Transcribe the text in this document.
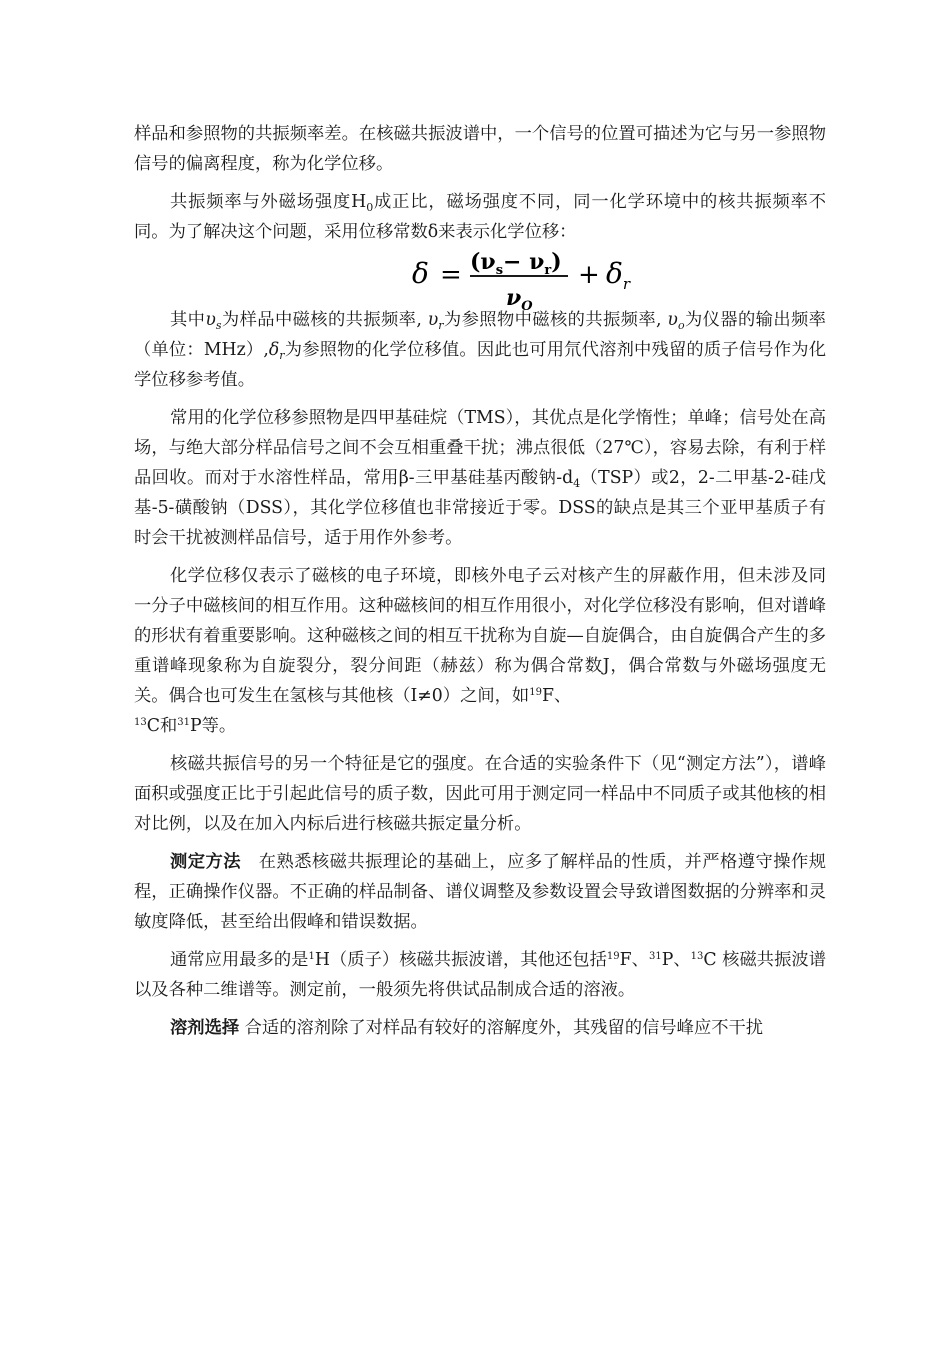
样品和参照物的共振频率差。在核磁共振波谱中，一个信号的位置可描述为它与另一参照物信号的偏离程度，称为化学位移。

共振频率与外磁场强度$H_0$成正比，磁场强度不同，同一化学环境中的核共振频率不同。为了解决这个问题，采用位移常数δ来表示化学位移：

$\delta = (\nu_s- \nu_r)$
$\nu_O$
+ $\delta_r$

其中$\upsilon_s$为样品中磁核的共振频率, $\upsilon_r$为参照物中磁核的共振频率, $\upsilon_o$为仪器的输出频率（单位：$MHz),\delta_r$为参照物的化学位移值。因此也可用氘代溶剂中残留的质子信号作为化学位移参考值。

常用的化学位移参照物是四甲基硅烷（TMS），其优点是化学惰性；单峰；信号处在高场，与绝大部分样品信号之间不会互相重叠干扰；沸点很低（27℃），容易去除，有利于样品回收。而对于水溶性样品，常用β-三甲基硅基丙酸钠$-d_4(TSP)$或2，2-二甲基-2-硅戊基-5-磺酸钠（DSS），其化学位移值也非常接近于零。DSS的缺点是其三个亚甲基质子有时会干扰被测样品信号，适于用作外参考。

化学位移仅表示了磁核的电子环境，即核外电子云对核产生的屏蔽作用，但未涉及同一分子中磁核间的相互作用。这种磁核间的相互作用很小，对化学位移没有影响，但对谱峰的形状有着重要影响。这种磁核之间的相互干扰称为自旋—自旋偶合，由自旋偶合产生的多重谱峰现象称为自旋裂分，裂分间距（赫兹）称为偶合常数J，偶合常数与外磁场强度无关。偶合也可发生在氢核与其他核（I≠0）之间，如$^{19}$F、
$^{13}$C和$^{31}$P等。

核磁共振信号的另一个特征是它的强度。在合适的实验条件下（见“测定方法”），谱峰面积或强度正比于引起此信号的质子数，因此可用于测定同一样品中不同质子或其他核的相对比例，以及在加入内标后进行核磁共振定量分析。

测定方法　在熟悉核磁共振理论的基础上，应多了解样品的性质，并严格遵守操作规程，正确操作仪器。不正确的样品制备、谱仪调整及参数设置会导致谱图数据的分辨率和灵敏度降低，甚至给出假峰和错误数据。

通常应用最多的是$^1$H（质子）核磁共振波谱，其他还包括$^{19}$F、$^{31}$P、$^{13}$C 核磁共振波谱以及各种二维谱等。测定前，一般须先将供试品制成合适的溶液。

溶剂选择 合适的溶剂除了对样品有较好的溶解度外，其残留的信号峰应不干扰
